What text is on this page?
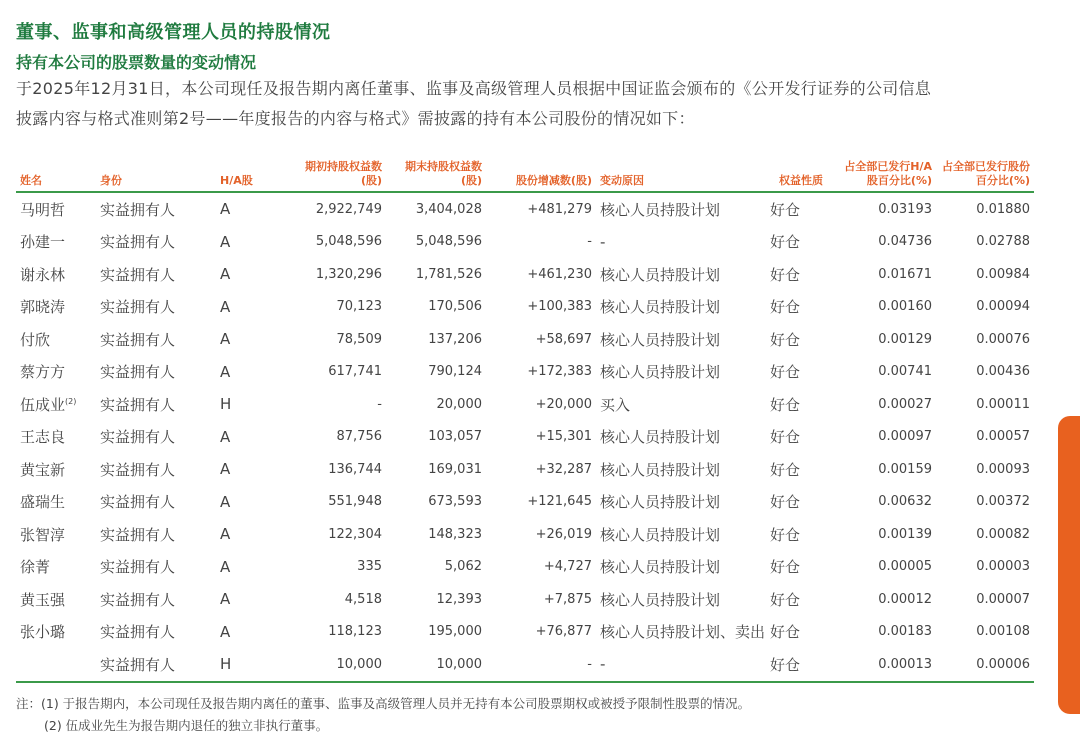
董事、监事和高级管理人员的持股情况
持有本公司的股票数量的变动情况

于2025年12月31日，本公司现任及报告期内离任董事、监事及高级管理人员根据中国证监会颁布的《公开发行证券的公司信息

披露内容与格式准则第2号——年度报告的内容与格式》需披露的持有本公司股份的情况如下：

姓名	身份	H/A股	期初持股权益数(股)	期末持股权益数(股)	股份增减数(股)	变动原因	权益性质	占全部已发行H/A股百分比(%)	占全部已发行股份百分比(%)
马明哲	实益拥有人	A	2,922,749	3,404,028	+481,279	核心人员持股计划	好仓	0.03193	0.01880
孙建一	实益拥有人	A	5,048,596	5,048,596	-	-	好仓	0.04736	0.02788
谢永林	实益拥有人	A	1,320,296	1,781,526	+461,230	核心人员持股计划	好仓	0.01671	0.00984
郭晓涛	实益拥有人	A	70,123	170,506	+100,383	核心人员持股计划	好仓	0.00160	0.00094
付欣	实益拥有人	A	78,509	137,206	+58,697	核心人员持股计划	好仓	0.00129	0.00076
蔡方方	实益拥有人	A	617,741	790,124	+172,383	核心人员持股计划	好仓	0.00741	0.00436
伍成业$^{(2)}$	实益拥有人	H	-	20,000	+20,000	买入	好仓	0.00027	0.00011
王志良	实益拥有人	A	87,756	103,057	+15,301	核心人员持股计划	好仓	0.00097	0.00057
黄宝新	实益拥有人	A	136,744	169,031	+32,287	核心人员持股计划	好仓	0.00159	0.00093
盛瑞生	实益拥有人	A	551,948	673,593	+121,645	核心人员持股计划	好仓	0.00632	0.00372
张智淳	实益拥有人	A	122,304	148,323	+26,019	核心人员持股计划	好仓	0.00139	0.00082
徐菁	实益拥有人	A	335	5,062	+4,727	核心人员持股计划	好仓	0.00005	0.00003
黄玉强	实益拥有人	A	4,518	12,393	+7,875	核心人员持股计划	好仓	0.00012	0.00007
张小璐	实益拥有人	A	118,123	195,000	+76,877	核心人员持股计划、卖出	好仓	0.00183	0.00108
	实益拥有人	H	10,000	10,000	-	-	好仓	0.00013	0.00006

注：(1) 于报告期内，本公司现任及报告期内离任的董事、监事及高级管理人员并无持有本公司股票期权或被授予限制性股票的情况。

(2) 伍成业先生为报告期内退任的独立非执行董事。
